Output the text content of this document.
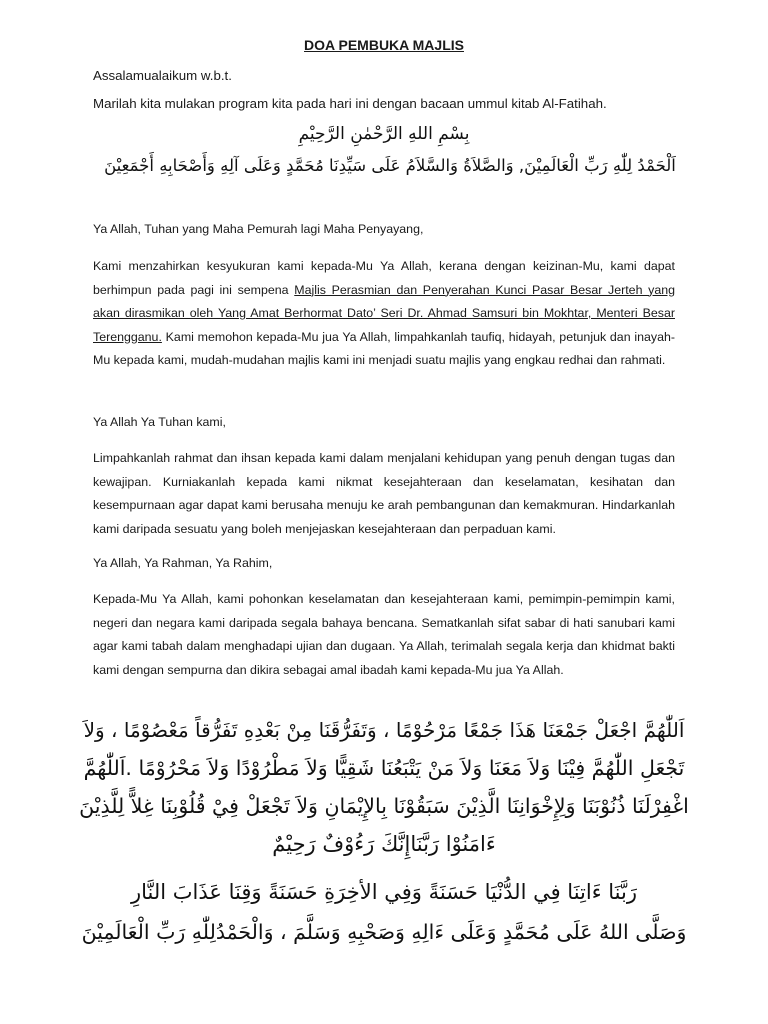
DOA PEMBUKA MAJLIS
Assalamualaikum w.b.t.
Marilah kita mulakan program kita pada hari ini dengan bacaan ummul kitab Al-Fatihah.
بِسْمِ اللهِ الرَّحْمٰنِ الرَّحِيْمِ
اَلْحَمْدُ لِلّٰهِ رَبِّ الْعَالَمِيْنَ, وَالصَّلاَةُ وَالسَّلاَمُ عَلَى سَيِّدِنَا مُحَمَّدٍ وَعَلَى آلِهِ وَأَصْحَابِهِ أَجْمَعِيْنَ
Ya Allah, Tuhan yang Maha Pemurah lagi Maha Penyayang,
Kami menzahirkan kesyukuran kami kepada-Mu Ya Allah, kerana dengan keizinan-Mu, kami dapat berhimpun pada pagi ini sempena Majlis Perasmian dan Penyerahan Kunci Pasar Besar Jerteh yang akan dirasmikan oleh Yang Amat Berhormat Dato’ Seri Dr. Ahmad Samsuri bin Mokhtar, Menteri Besar Terengganu. Kami memohon kepada-Mu jua Ya Allah, limpahkanlah taufiq, hidayah, petunjuk dan inayah-Mu kepada kami, mudah-mudahan majlis kami ini menjadi suatu majlis yang engkau redhai dan rahmati.
Ya Allah Ya Tuhan kami,
Limpahkanlah rahmat dan ihsan kepada kami dalam menjalani kehidupan yang penuh dengan tugas dan kewajipan. Kurniakanlah kepada kami nikmat kesejahteraan dan keselamatan, kesihatan dan kesempurnaan agar dapat kami berusaha menuju ke arah pembangunan dan kemakmuran. Hindarkanlah kami daripada sesuatu yang boleh menjejaskan kesejahteraan dan perpaduan kami.
Ya Allah, Ya Rahman, Ya Rahim,
Kepada-Mu Ya Allah, kami pohonkan keselamatan dan kesejahteraan kami, pemimpin-pemimpin kami, negeri dan negara kami daripada segala bahaya bencana. Sematkanlah sifat sabar di hati sanubari kami agar kami tabah dalam menghadapi ujian dan dugaan. Ya Allah, terimalah segala kerja dan khidmat bakti kami dengan sempurna dan dikira sebagai amal ibadah kami kepada-Mu jua Ya Allah.
اَللّٰهُمَّ اجْعَلْ جَمْعَنَا هَذَا جَمْعًا مَرْحُوْمًا ، وَتَفَرُّقَنَا مِنْ بَعْدِهِ تَفَرُّقاً مَعْصُوْمًا ، وَلاَ
تَجْعَلِ اللّٰهُمَّ فِيْنَا وَلاَ مَعَنَا وَلاَ مَنْ يَتْبَعُنَا شَقِيًّا وَلاَ مَطْرُوْدًا وَلاَ مَحْرُوْمًا .اَللّٰهُمَّ
اغْفِرْلَنَا ذُنُوْبَنَا وَلِإِخْوَانِنَا الَّذِيْنَ سَبَقُوْنَا بِالإِيْمَانِ وَلاَ تَجْعَلْ فِيْ قُلُوْبِنَا غِلاًّ لِلَّذِيْنَ
ءَامَنُوْا رَبَّنَاإِنَّكَ رَءُوْفٌ رَحِيْمٌ
رَبَّنَا ءَاتِنَا فِي الدُّنْيَا حَسَنَةً وَفِي الأخِرَةِ حَسَنَةً وَقِنَا عَذَابَ النَّارِ
وَصَلَّى اللهُ عَلَى مُحَمَّدٍ وَعَلَى ءَالِهِ وَصَحْبِهِ وَسَلَّمَ ، وَالْحَمْدُلِلّٰهِ رَبِّ الْعَالَمِيْنَ
